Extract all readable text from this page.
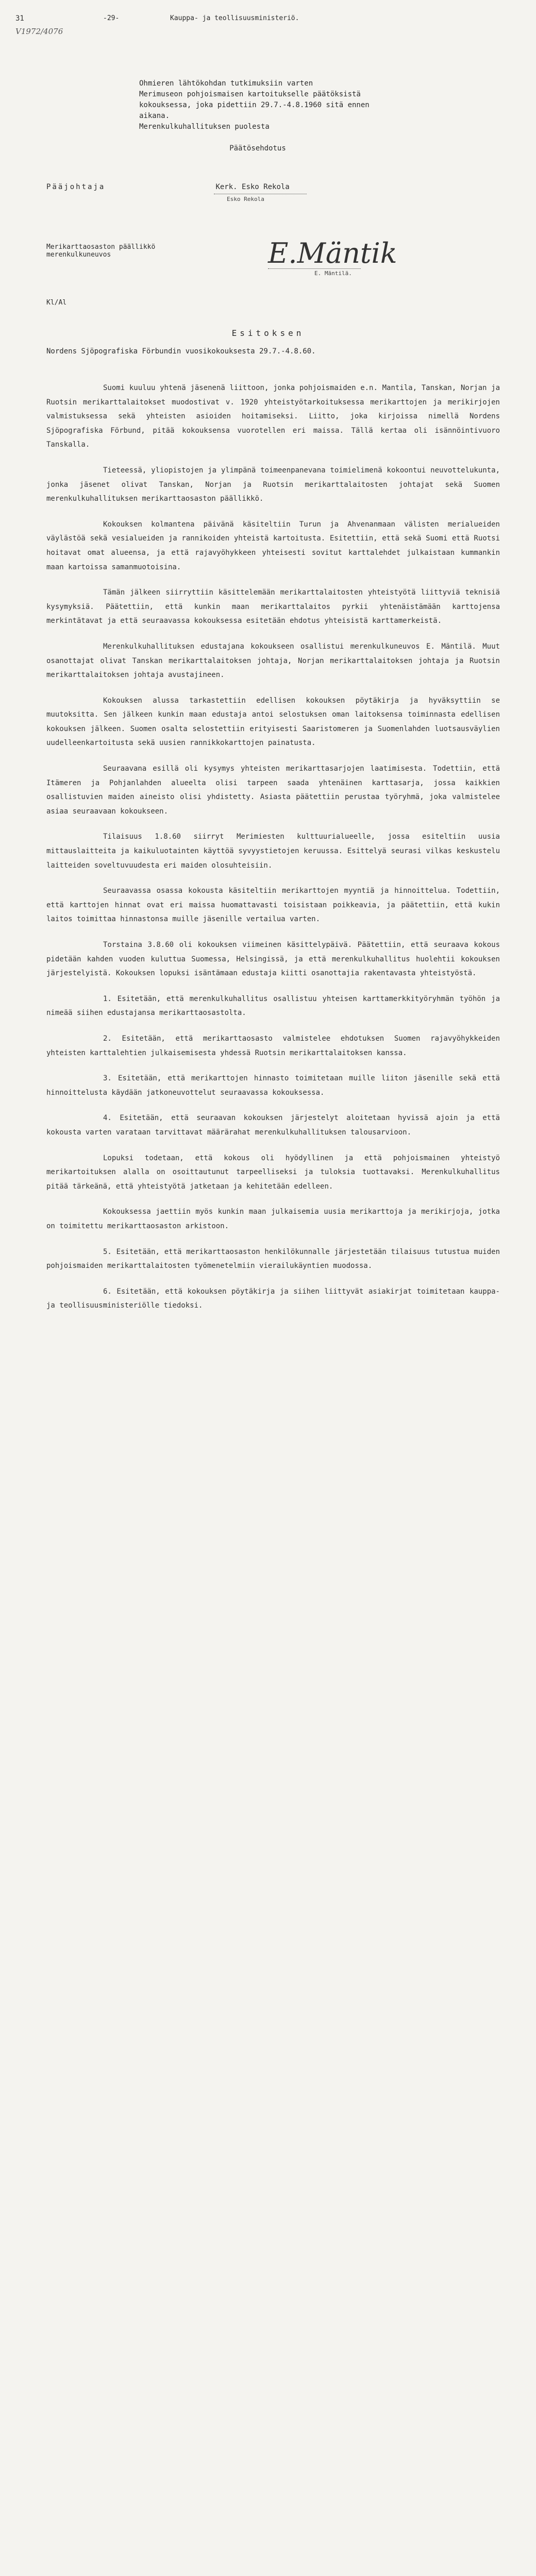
31	-29-	Kauppa- ja teollisuusministeriö.
V1972/4076

Ohmieren lähtökohdan tutkimuksiin varten

Merimuseon pohjoismaisen kartoitukselle päätöksistä

kokouksessa, joka pidettiin 29.7.-4.8.1960 sitä ennen

aikana.

Merenkulkuhallituksen puolesta

Päätösehdotus

Pääjohtaja	Kerk. Esko Rekola
Esko Rekola
Merikarttaosaston päällikkö
merenkulkuneuvos	E.Mäntik
E. Mäntilä.
Kl/Al
Esitoksen
Nordens Sjöpografiska Förbundin vuosikokouksesta 29.7.-4.8.60.

Suomi kuuluu yhtenä jäsenenä liittoon, jonka pohjoismaiden e.n. Mantila, Tanskan, Norjan ja Ruotsin merikarttalaitokset muodostivat v. 1920 yhteistyötarkoituksessa merikarttojen ja merikirjojen valmistuksessa sekä yhteisten asioiden hoitamiseksi. Liitto, joka kirjoissa nimellä Nordens Sjöpografiska Förbund, pitää kokouksensa vuorotellen eri maissa. Tällä kertaa oli isännöintivuoro Tanskalla.

Tieteessä, yliopistojen ja ylimpänä toimeenpanevana toimielimenä kokoontui neuvottelukunta, jonka jäsenet olivat Tanskan, Norjan ja Ruotsin merikarttalaitosten johtajat sekä Suomen merenkulkuhallituksen merikarttaosaston päällikkö.

Kokouksen kolmantena päivänä käsiteltiin Turun ja Ahvenanmaan välisten merialueiden väylästöä sekä vesialueiden ja rannikoiden yhteistä kartoitusta. Esitettiin, että sekä Suomi että Ruotsi hoitavat omat alueensa, ja että rajavyöhykkeen yhteisesti sovitut karttalehdet julkaistaan kummankin maan kartoissa samanmuotoisina.

Tämän jälkeen siirryttiin käsittelemään merikarttalaitosten yhteistyötä liittyviä teknisiä kysymyksiä. Päätettiin, että kunkin maan merikarttalaitos pyrkii yhtenäistämään karttojensa merkintätavat ja että seuraavassa kokouksessa esitetään ehdotus yhteisistä karttamerkeistä.

Merenkulkuhallituksen edustajana kokoukseen osallistui merenkulkuneuvos E. Mäntilä. Muut osanottajat olivat Tanskan merikarttalaitoksen johtaja, Norjan merikarttalaitoksen johtaja ja Ruotsin merikarttalaitoksen johtaja avustajineen.

Kokouksen alussa tarkastettiin edellisen kokouksen pöytäkirja ja hyväksyttiin se muutoksitta. Sen jälkeen kunkin maan edustaja antoi selostuksen oman laitoksensa toiminnasta edellisen kokouksen jälkeen. Suomen osalta selostettiin erityisesti Saaristomeren ja Suomenlahden luotsausväylien uudelleenkartoitusta sekä uusien rannikkokarttojen painatusta.

Seuraavana esillä oli kysymys yhteisten merikarttasarjojen laatimisesta. Todettiin, että Itämeren ja Pohjanlahden alueelta olisi tarpeen saada yhtenäinen karttasarja, jossa kaikkien osallistuvien maiden aineisto olisi yhdistetty. Asiasta päätettiin perustaa työryhmä, joka valmistelee asiaa seuraavaan kokoukseen.

Tilaisuus 1.8.60 siirryt Merimiesten kulttuurialueelle, jossa esiteltiin uusia mittauslaitteita ja kaikuluotainten käyttöä syvyystietojen keruussa. Esittelyä seurasi vilkas keskustelu laitteiden soveltuvuudesta eri maiden olosuhteisiin.

Seuraavassa osassa kokousta käsiteltiin merikarttojen myyntiä ja hinnoittelua. Todettiin, että karttojen hinnat ovat eri maissa huomattavasti toisistaan poikkeavia, ja päätettiin, että kukin laitos toimittaa hinnastonsa muille jäsenille vertailua varten.

Torstaina 3.8.60 oli kokouksen viimeinen käsittelypäivä. Päätettiin, että seuraava kokous pidetään kahden vuoden kuluttua Suomessa, Helsingissä, ja että merenkulkuhallitus huolehtii kokouksen järjestelyistä. Kokouksen lopuksi isäntämaan edustaja kiitti osanottajia rakentavasta yhteistyöstä.

1. Esitetään, että merenkulkuhallitus osallistuu yhteisen karttamerkkityöryhmän työhön ja nimeää siihen edustajansa merikarttaosastolta.

2. Esitetään, että merikarttaosasto valmistelee ehdotuksen Suomen rajavyöhykkeiden yhteisten karttalehtien julkaisemisesta yhdessä Ruotsin merikarttalaitoksen kanssa.

3. Esitetään, että merikarttojen hinnasto toimitetaan muille liiton jäsenille sekä että hinnoittelusta käydään jatkoneuvottelut seuraavassa kokouksessa.

4. Esitetään, että seuraavan kokouksen järjestelyt aloitetaan hyvissä ajoin ja että kokousta varten varataan tarvittavat määrärahat merenkulkuhallituksen talousarvioon.

Lopuksi todetaan, että kokous oli hyödyllinen ja että pohjoismainen yhteistyö merikartoituksen alalla on osoittautunut tarpeelliseksi ja tuloksia tuottavaksi. Merenkulkuhallitus pitää tärkeänä, että yhteistyötä jatketaan ja kehitetään edelleen.

Kokouksessa jaettiin myös kunkin maan julkaisemia uusia merikarttoja ja merikirjoja, jotka on toimitettu merikarttaosaston arkistoon.

5. Esitetään, että merikarttaosaston henkilökunnalle järjestetään tilaisuus tutustua muiden pohjoismaiden merikarttalaitosten työmenetelmiin vierailukäyntien muodossa.

6. Esitetään, että kokouksen pöytäkirja ja siihen liittyvät asiakirjat toimitetaan kauppa- ja teollisuusministeriölle tiedoksi.
